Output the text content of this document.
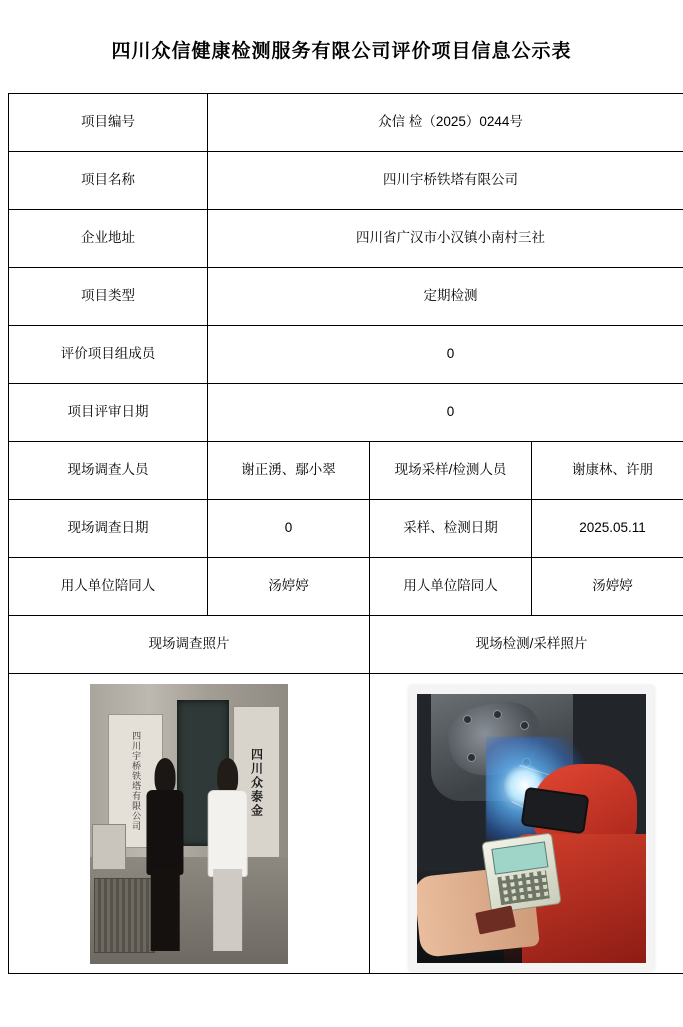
四川众信健康检测服务有限公司评价项目信息公示表
项目编号	众信 检（2025）0244号		
项目名称	四川宇桥铁塔有限公司		
企业地址	四川省广汉市小汉镇小南村三社		
项目类型	定期检测		
评价项目组成员	0		
项目评审日期	0		
现场调查人员	谢正湧、鄢小翠	现场采样/检测人员	谢康林、许朋
现场调查日期	0	采样、检测日期	2025.05.11
用人单位陪同人	汤婷婷	用人单位陪同人	汤婷婷
现场调查照片		现场检测/采样照片	

四川宇桥铁塔有限公司 四川众泰金			
